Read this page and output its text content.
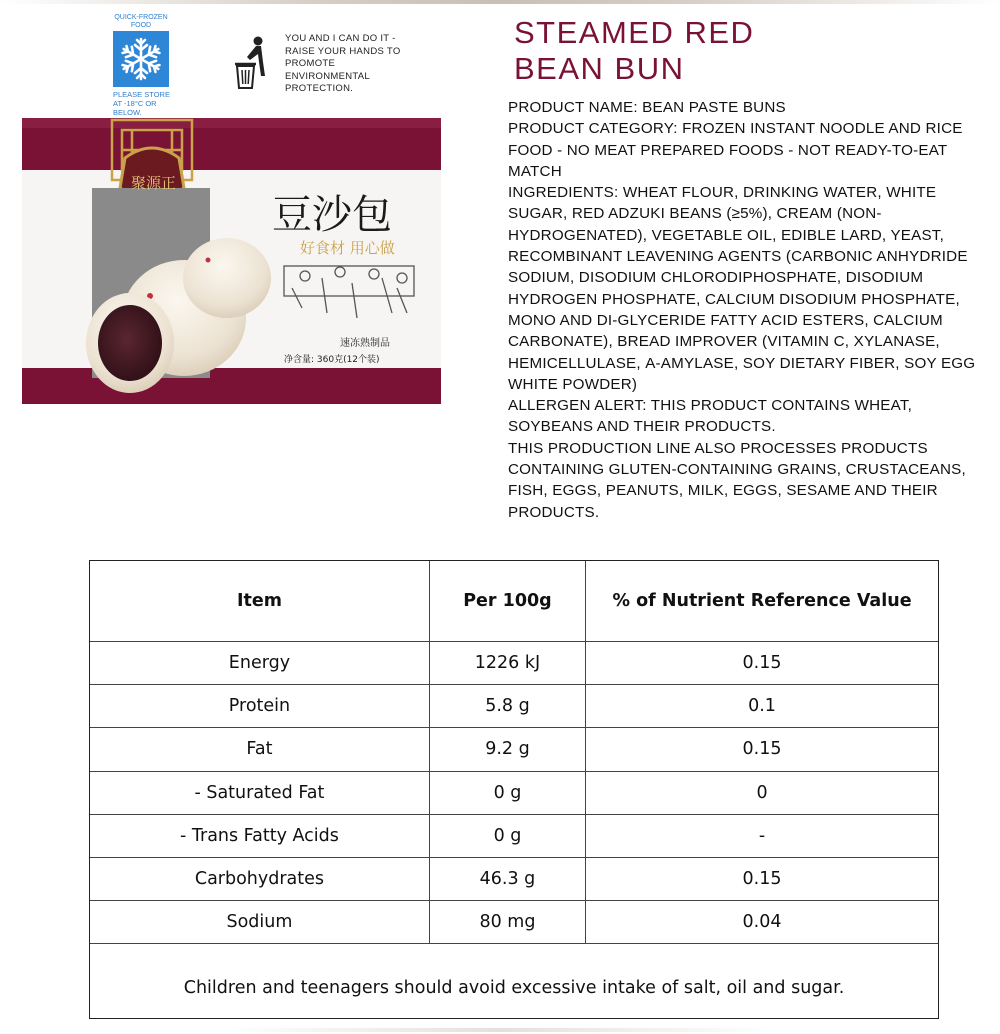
QUICK-FROZEN FOOD
PLEASE STORE AT -18°C OR BELOW.
YOU AND I CAN DO IT - RAISE YOUR HANDS TO PROMOTE ENVIRONMENTAL PROTECTION.
豆沙包
好食材 用心做
速冻熟制品
净含量: 360克(12个装)
聚源正
STEAMED RED
BEAN BUN

PRODUCT NAME: BEAN PASTE BUNS

PRODUCT CATEGORY: FROZEN INSTANT NOODLE AND RICE FOOD - NO MEAT PREPARED FOODS - NOT READY-TO-EAT MATCH

INGREDIENTS: WHEAT FLOUR, DRINKING WATER, WHITE SUGAR, RED ADZUKI BEANS (≥5%), CREAM (NON-HYDROGENATED), VEGETABLE OIL, EDIBLE LARD, YEAST,

RECOMBINANT LEAVENING AGENTS (CARBONIC ANHYDRIDE SODIUM, DISODIUM CHLORODIPHOSPHATE, DISODIUM HYDROGEN PHOSPHATE, CALCIUM DISODIUM PHOSPHATE, MONO AND DI-GLYCERIDE FATTY ACID ESTERS, CALCIUM CARBONATE), BREAD IMPROVER (VITAMIN C, XYLANASE, HEMICELLULASE, Α-AMYLASE, SOY DIETARY FIBER, SOY EGG WHITE POWDER)

ALLERGEN ALERT: THIS PRODUCT CONTAINS WHEAT, SOYBEANS AND THEIR PRODUCTS.

THIS PRODUCTION LINE ALSO PROCESSES PRODUCTS CONTAINING GLUTEN-CONTAINING GRAINS, CRUSTACEANS, FISH, EGGS, PEANUTS, MILK, EGGS, SESAME AND THEIR PRODUCTS.

Item	Per 100g	% of Nutrient Reference Value
Energy	1226 kJ	0.15
Protein	5.8 g	0.1
Fat	9.2 g	0.15
- Saturated Fat	0 g	0
- Trans Fatty Acids	0 g	-
Carbohydrates	46.3 g	0.15
Sodium	80 mg	0.04
Children and teenagers should avoid excessive intake of salt, oil and sugar.
